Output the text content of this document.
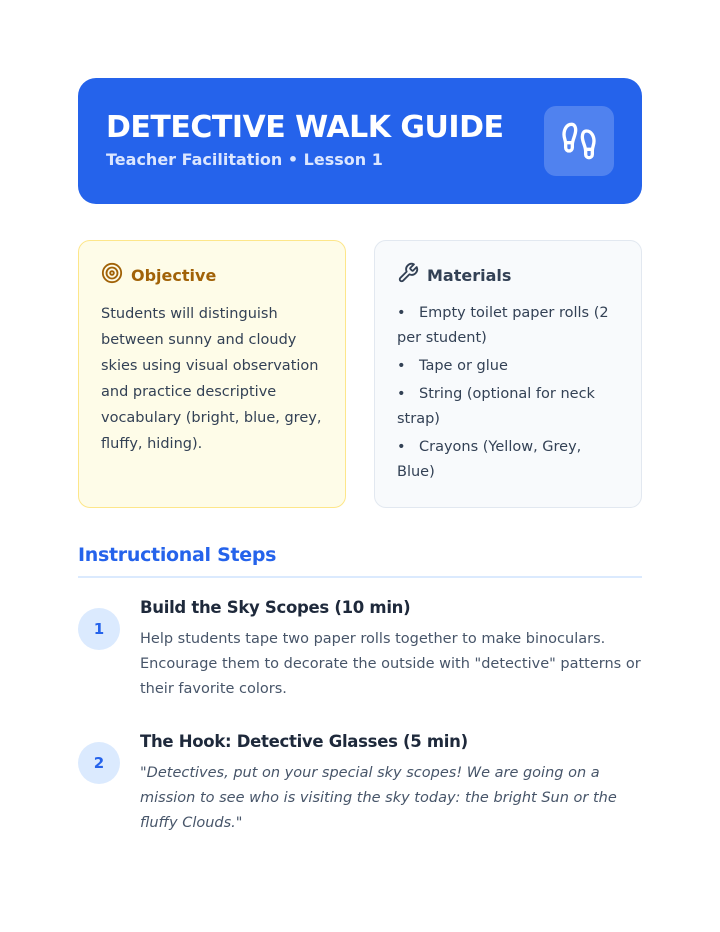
DETECTIVE WALK GUIDE
Teacher Facilitation • Lesson 1
Objective
Students will distinguish between sunny and cloudy skies using visual observation and practice descriptive vocabulary (bright, blue, grey, fluffy, hiding).
Materials
• Empty toilet paper rolls (2 per student)
• Tape or glue
• String (optional for neck strap)
• Crayons (Yellow, Grey, Blue)
Instructional Steps
1
Build the Sky Scopes (10 min)
Help students tape two paper rolls together to make binoculars. Encourage them to decorate the outside with "detective" patterns or their favorite colors.
2
The Hook: Detective Glasses (5 min)
"Detectives, put on your special sky scopes! We are going on a mission to see who is visiting the sky today: the bright Sun or the fluffy Clouds."
